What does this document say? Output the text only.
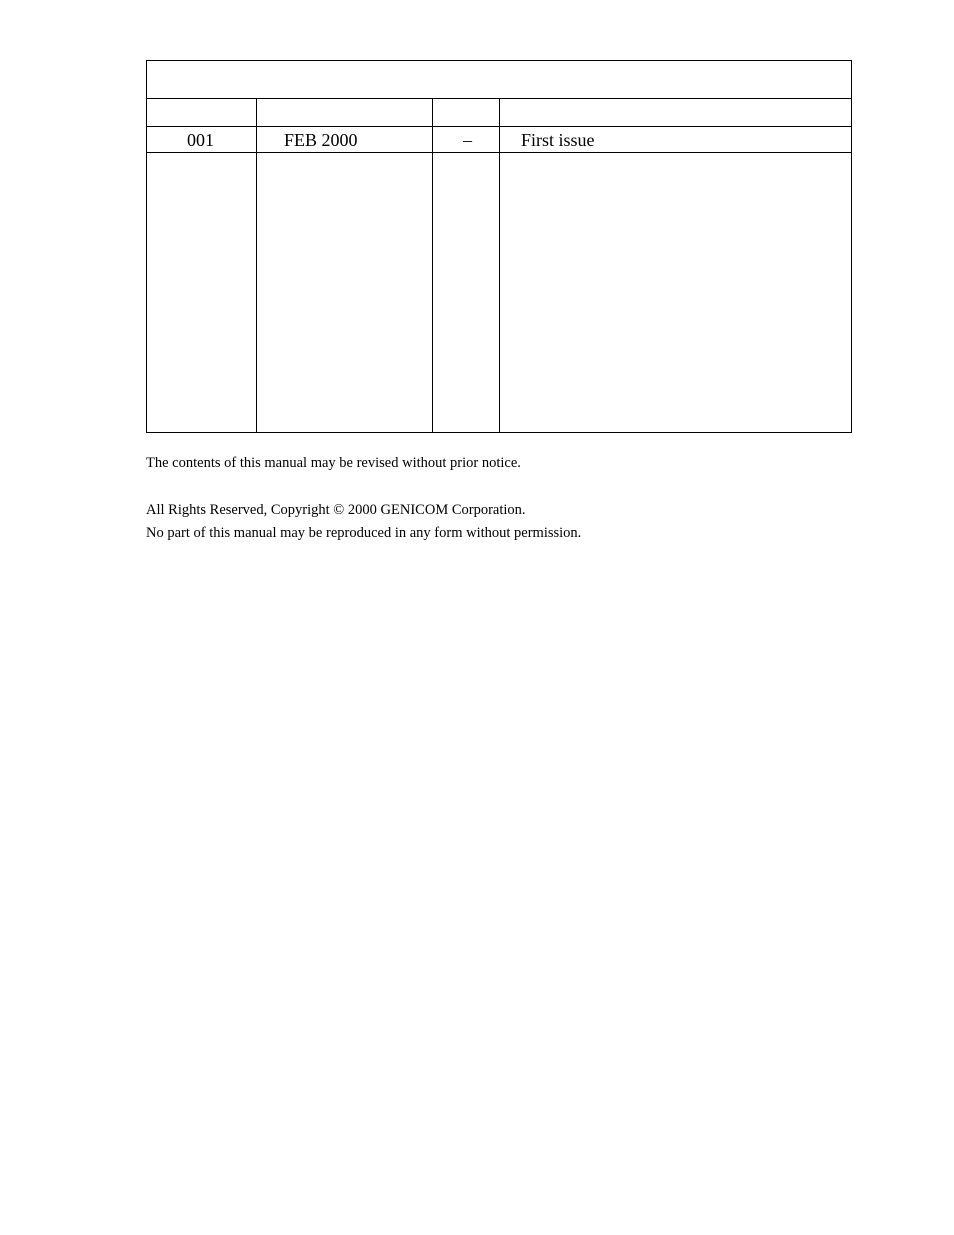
001	FEB 2000	–	First issue
The contents of this manual may be revised without prior notice.
All Rights Reserved, Copyright © 2000 GENICOM Corporation.
No part of this manual may be reproduced in any form without permission.
